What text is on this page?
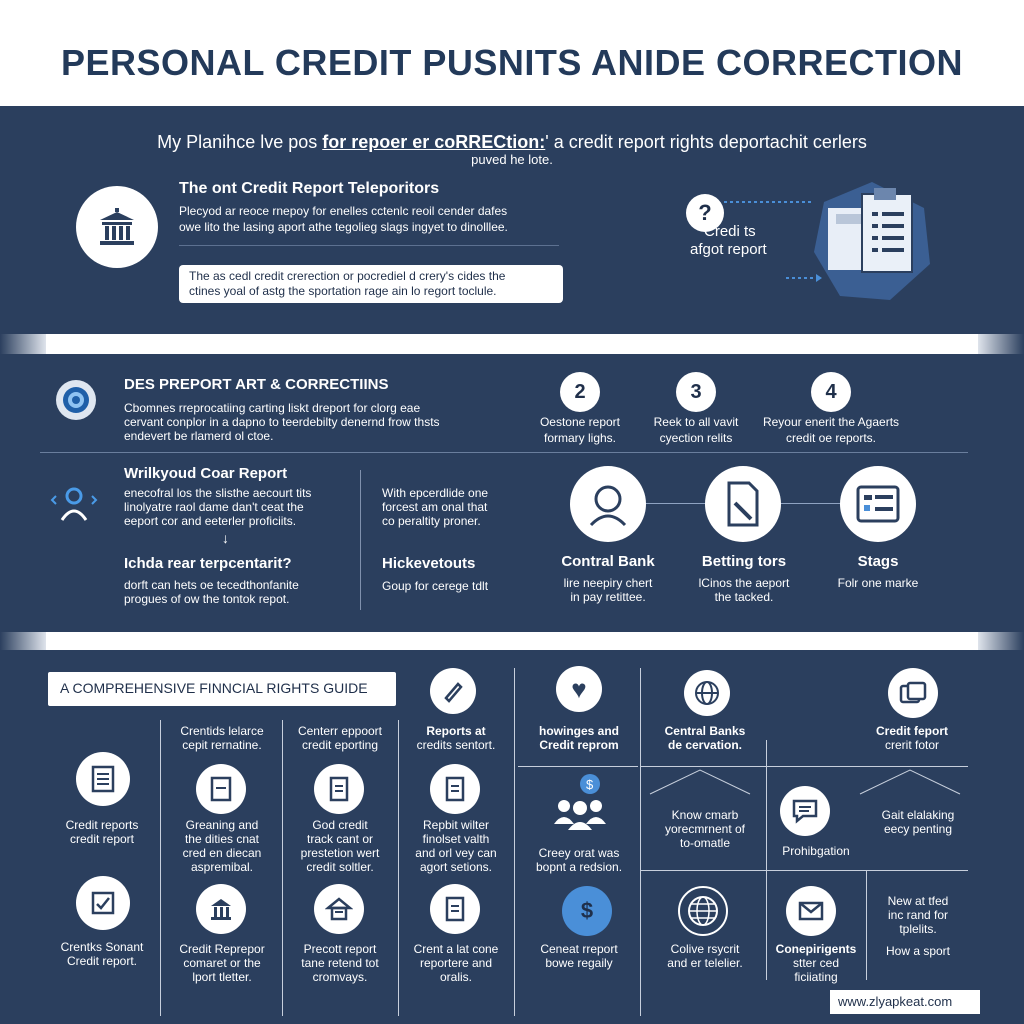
PERSONAL CREDIT PUSNITS ANIDE CORRECTION
My Planihce lve pos for repoer er coRRECtion:' a credit report rights deportachit cerlers
puved he lote.
The ont Credit Report Teleporitors
Plecyod ar reoce rnepoy for enelles cctenlc reoil cender dafes
owe lito the lasing aport athe tegolieg slags ingyet to dinolllee.
The as cedl credit crerection or pocrediel d crery's cides the
ctines yoal of astg the sportation rage ain lo regort toclule.
?
Credi ts
afgot report
DES PREPORT ART & CORRECTIINS
Cbomnes rreprocatiing carting liskt dreport for clorg eae
cervant conplor in a dapno to teerdebilty denernd frow thsts
endevert be rlamerd ol ctoe.
2
Oestone report
formary lighs.
3
Reek to all vavit
cyection relits
4
Reyour enerit the Agaerts
credit oe reports.
Wrilkyoud Coar Report
enecofral los the slisthe aecourt tits
linolyatre raol dame dan't ceat the
eeport cor and eeterler proficiits.
↓
With epcerdlide one
forcest am onal that
co peraltity proner.
Ichda rear terpcentarit?
dorft can hets oe tecedthonfanite
progues of ow the tontok repot.
Hickevetouts
Goup for cerege tdlt
Contral Bank
lire neepiry chert
in pay retittee.
Betting tors
lCinos the aeport
the tacked.
Stags
Folr one marke
A COMPREHENSIVE FINNCIAL RIGHTS GUIDE
Credit reports
credit report
Crentks Sonant
Credit report.
Crentids lelarce
cepit rernatine.
Greaning and
the dities cnat
cred en diecan
aspremibal.
Credit Reprepor
comaret or the
lport tletter.
Centerr eppoort
credit eporting
God credit
track cant or
prestetion wert
credit soltler.
Precott report
tane retend tot
cromvays.
Reports at
credits sentort.
Repbit wilter
finolset valth
and orl vey can
agort setions.
Crent a lat cone
reportere and
oralis.
♥
howinges and
Credit reprom
$
Creey orat was
bopnt a redsion.
$
Ceneat rreport
bowe regaily
Central Banks
de cervation.
Know cmarb
yorecmrnent of
to-omatle
Colive rsycrit
and er telelier.
Credit feport
crerit fotor
Prohibgation
Conepirigents
stter ced
ficiiating
Gait elalaking
eecy penting
New at tfed
inc rand for
tplelits.
How a sport
www.zlyapkeat.com
